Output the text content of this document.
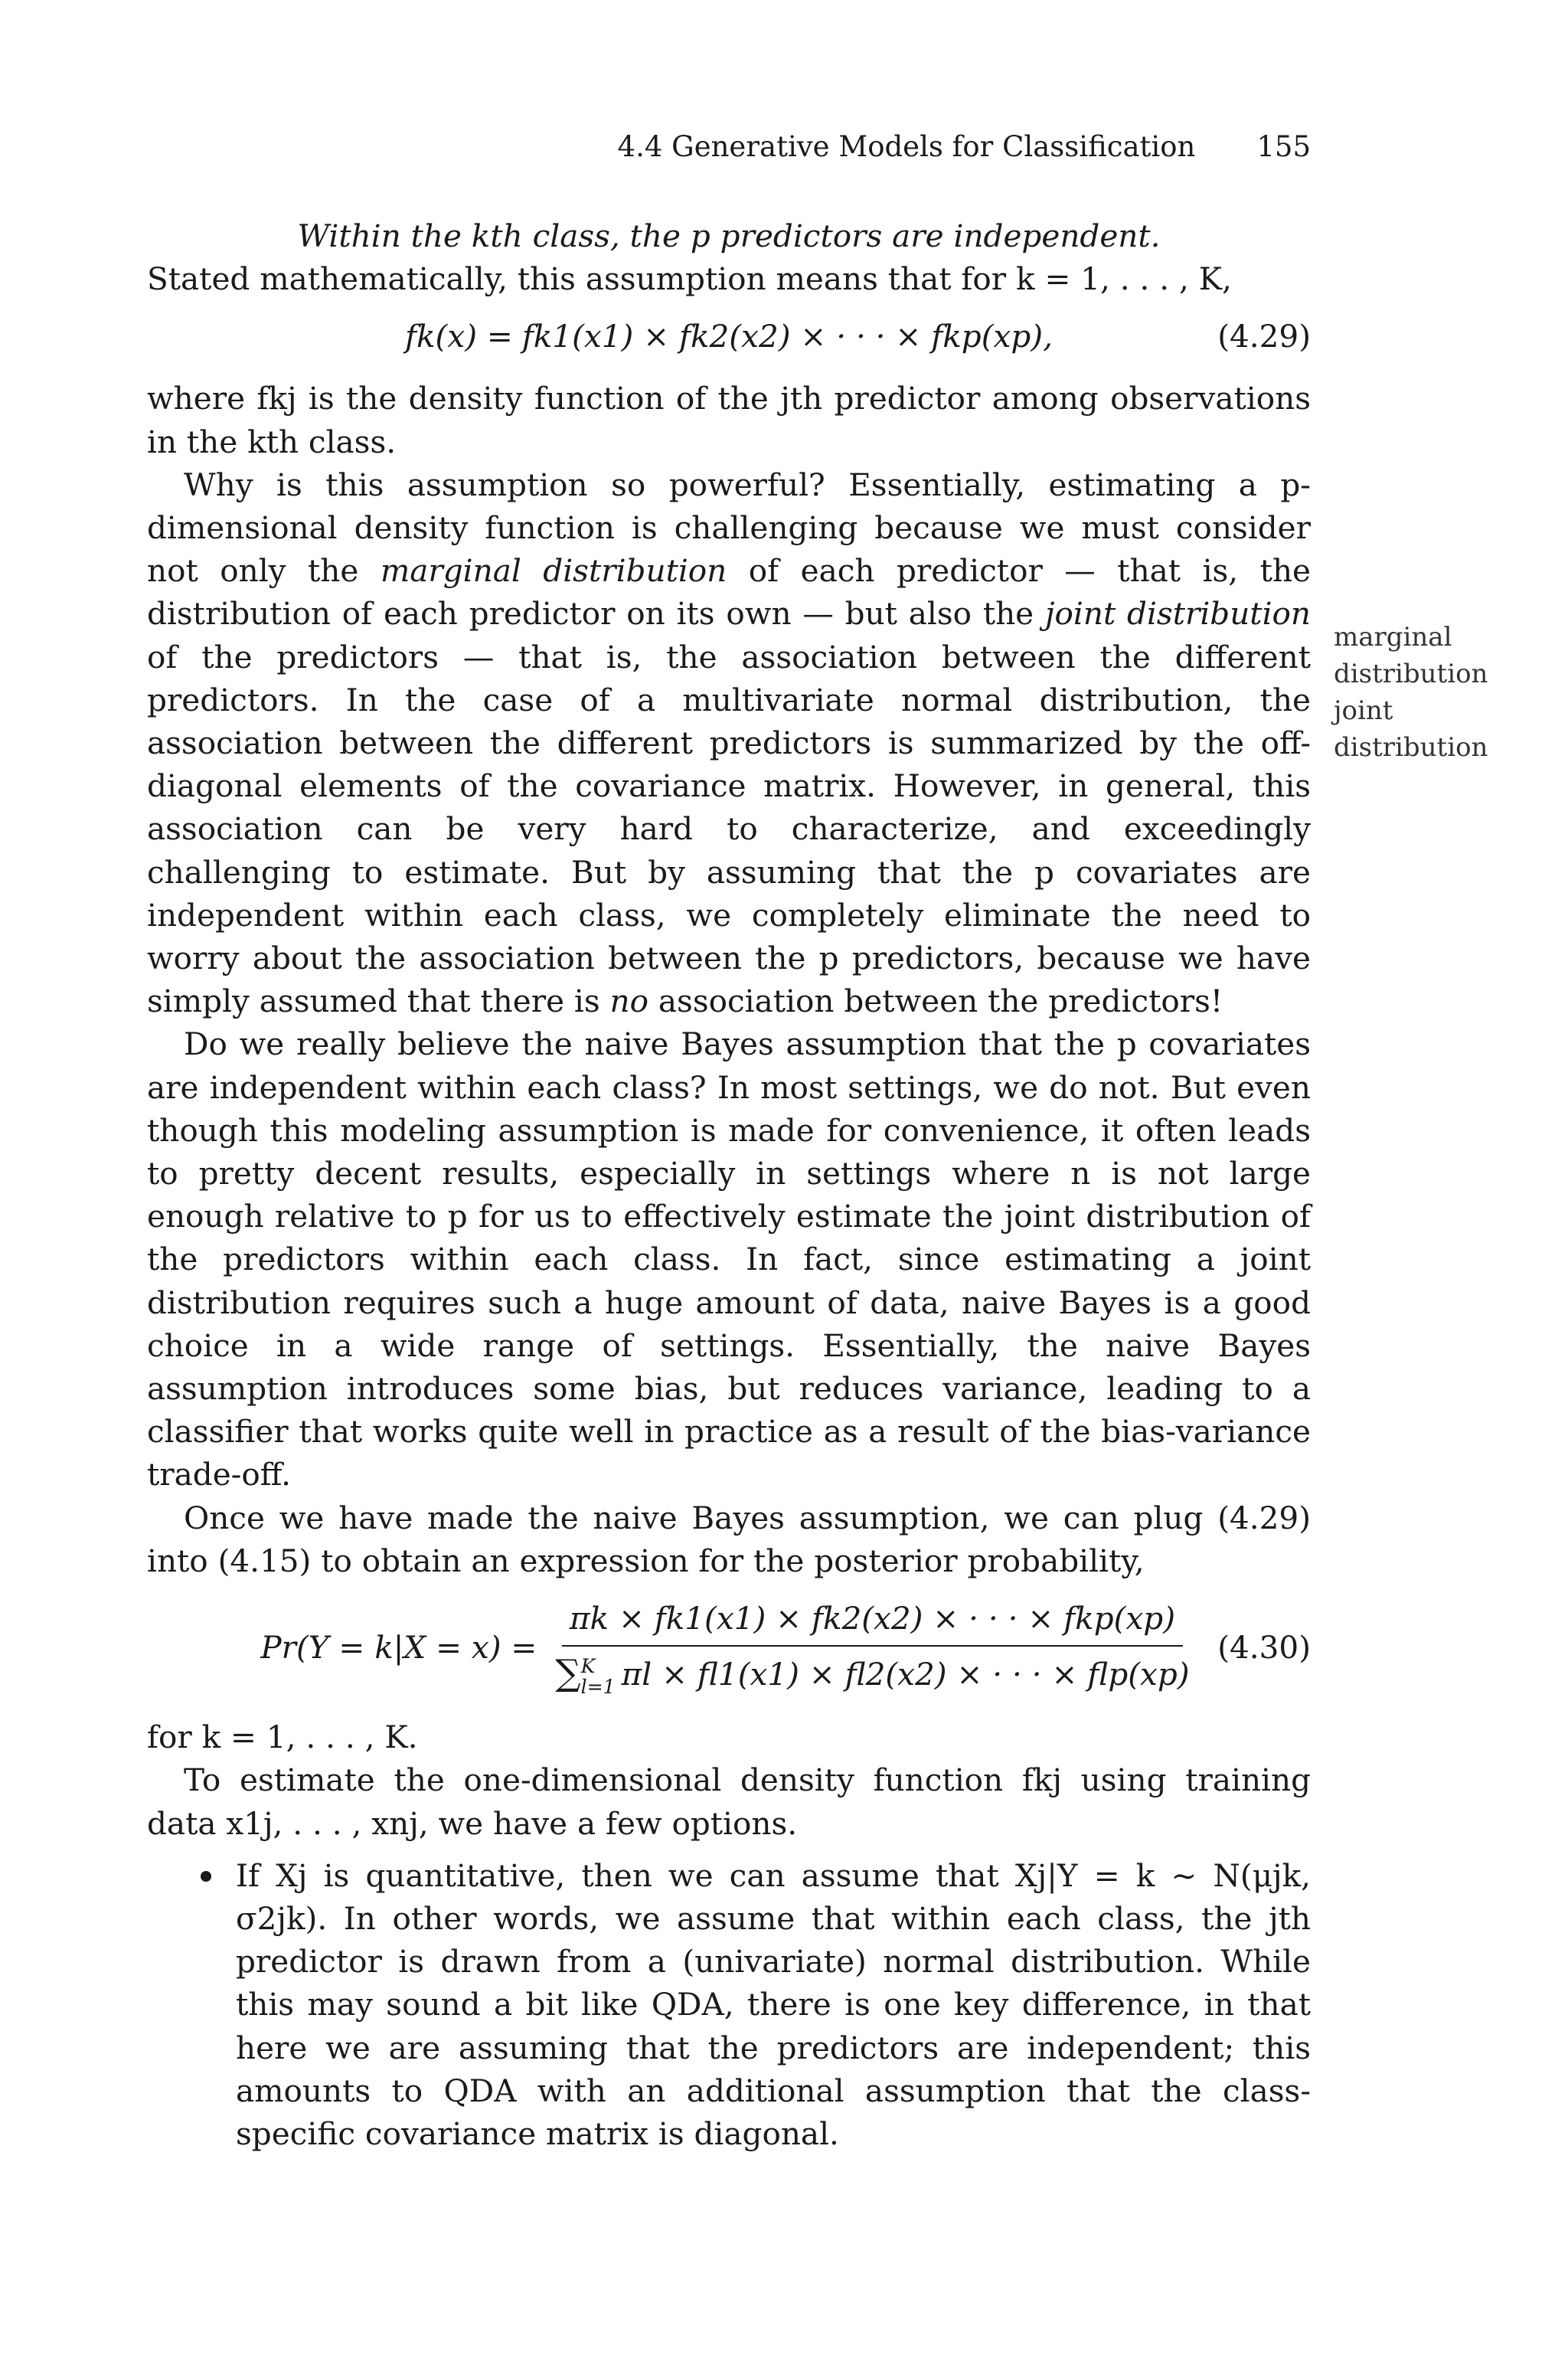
4.4 Generative Models for Classification 155

Within the kth class, the p predictors are independent.

Stated mathematically, this assumption means that for k = 1, . . . , K,

fk(x) = fk1(x1) × fk2(x2) × · · · × fkp(xp),	(4.29)

where fkj is the density function of the jth predictor among observations in the kth class.

Why is this assumption so powerful? Essentially, estimating a p-dimensional density function is challenging because we must consider not only the marginal distribution of each predictor — that is, the distribution of each predictor on its own — but also the joint distribution of the predictors — that is, the association between the different predictors. In the case of a multivariate normal distribution, the association between the different predictors is summarized by the off-diagonal elements of the covariance matrix. However, in general, this association can be very hard to characterize, and exceedingly challenging to estimate. But by assuming that the p covariates are independent within each class, we completely eliminate the need to worry about the association between the p predictors, because we have simply assumed that there is no association between the predictors!

Do we really believe the naive Bayes assumption that the p covariates are independent within each class? In most settings, we do not. But even though this modeling assumption is made for convenience, it often leads to pretty decent results, especially in settings where n is not large enough relative to p for us to effectively estimate the joint distribution of the predictors within each class. In fact, since estimating a joint distribution requires such a huge amount of data, naive Bayes is a good choice in a wide range of settings. Essentially, the naive Bayes assumption introduces some bias, but reduces variance, leading to a classifier that works quite well in practice as a result of the bias-variance trade-off.

Once we have made the naive Bayes assumption, we can plug (4.29) into (4.15) to obtain an expression for the posterior probability,

Pr(Y = k|X = x) = πk × fk1(x1) × fk2(x2) × · · · × fkp(xp)
∑ K
l=1 πl × fl1(x1) × fl2(x2) × · · · × flp(xp) (4.30)

for k = 1, . . . , K.

To estimate the one-dimensional density function fkj using training data x1j, . . . , xnj, we have a few options.

If Xj is quantitative, then we can assume that Xj|Y = k ∼ N(μjk, σ2jk). In other words, we assume that within each class, the jth predictor is drawn from a (univariate) normal distribution. While this may sound a bit like QDA, there is one key difference, in that here we are assuming that the predictors are independent; this amounts to QDA with an additional assumption that the class-specific covariance matrix is diagonal.
marginal
distribution
joint
distribution
